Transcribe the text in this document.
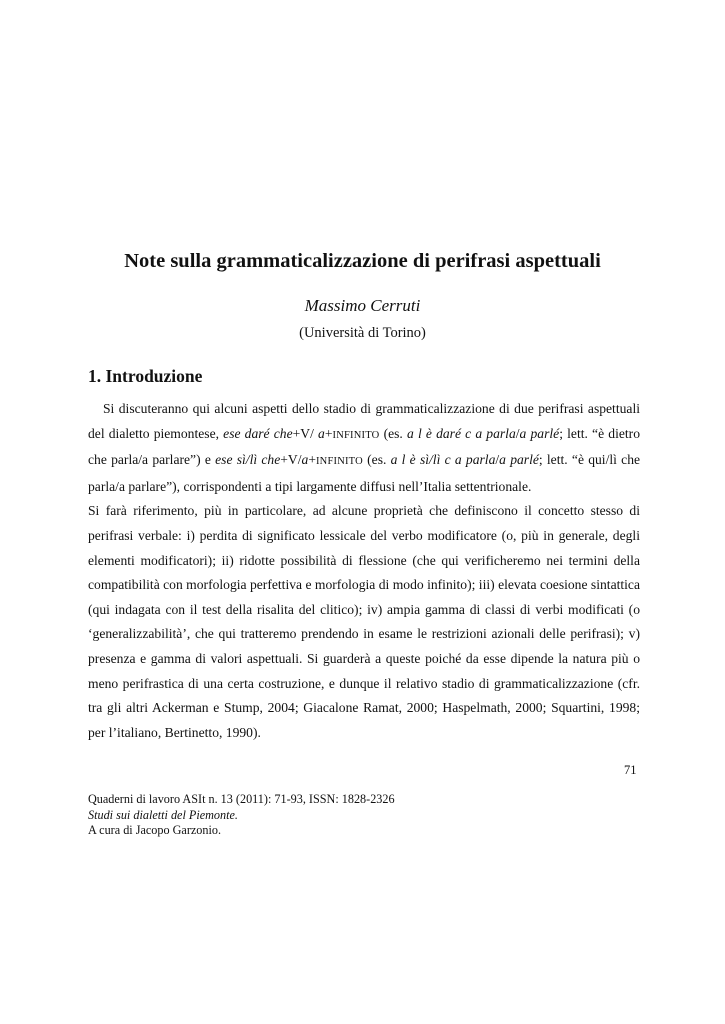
Note sulla grammaticalizzazione di perifrasi aspettuali
Massimo Cerruti
(Università di Torino)
1. Introduzione

Si discuteranno qui alcuni aspetti dello stadio di grammaticalizzazione di due perifrasi aspettuali del dialetto piemontese, ese daré che+V/ a+INFINITO (es. a l è daré c a parla/a parlé; lett. “è dietro che parla/a parlare”) e ese sì/lì che+V/a+INFINITO (es. a l è sì/lì c a parla/a parlé; lett. “è qui/lì che parla/a parlare”), corrispondenti a tipi largamente diffusi nell’Italia settentrionale.

Si farà riferimento, più in particolare, ad alcune proprietà che definiscono il concetto stesso di perifrasi verbale: i) perdita di significato lessicale del verbo modificatore (o, più in generale, degli elementi modificatori); ii) ridotte possibilità di flessione (che qui verificheremo nei termini della compatibilità con morfologia perfettiva e morfologia di modo infinito); iii) elevata coesione sintattica (qui indagata con il test della risalita del clitico); iv) ampia gamma di classi di verbi modificati (o ‘generalizzabilità’, che qui tratteremo prendendo in esame le restrizioni azionali delle perifrasi); v) presenza e gamma di valori aspettuali. Si guarderà a queste poiché da esse dipende la natura più o meno perifrastica di una certa costruzione, e dunque il relativo stadio di grammaticalizzazione (cfr. tra gli altri Ackerman e Stump, 2004; Giacalone Ramat, 2000; Haspelmath, 2000; Squartini, 1998; per l’italiano, Bertinetto, 1990).

71
Quaderni di lavoro ASIt n. 13 (2011): 71-93, ISSN: 1828-2326
Studi sui dialetti del Piemonte.
A cura di Jacopo Garzonio.
